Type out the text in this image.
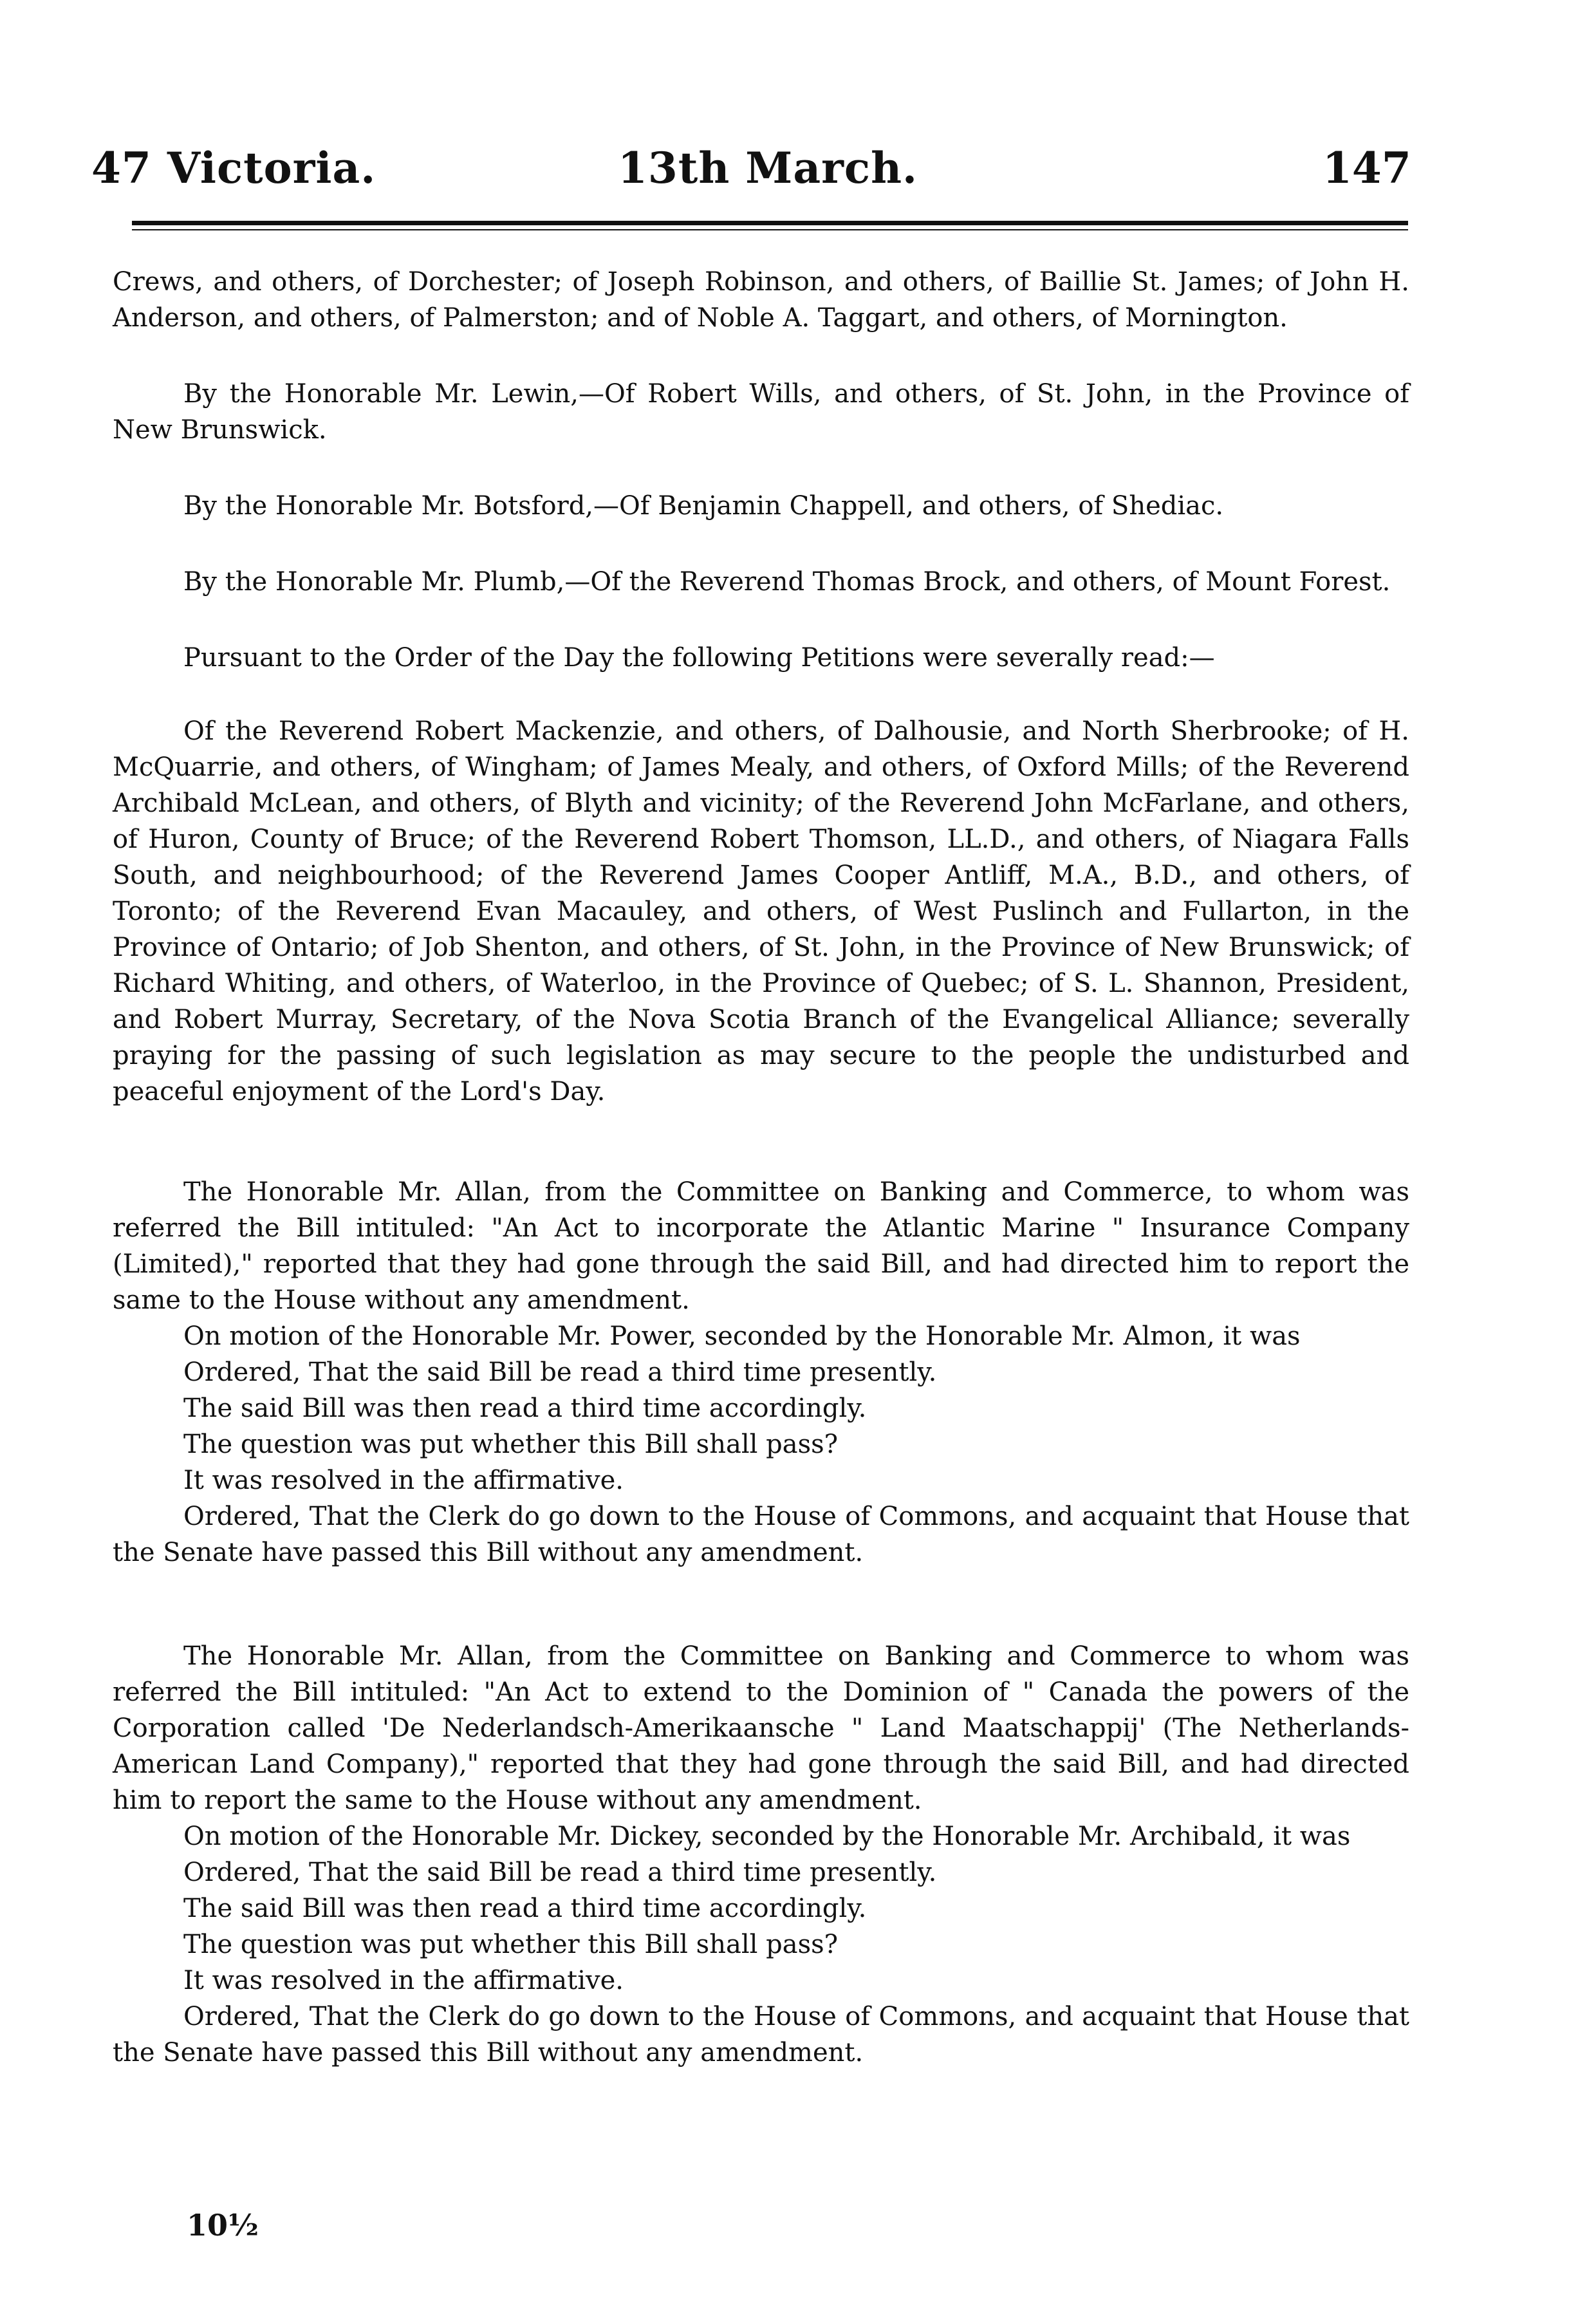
47 Victoria.	13th March.	147

Crews, and others, of Dorchester; of Joseph Robinson, and others, of Baillie St. James; of John H. Anderson, and others, of Palmerston; and of Noble A. Taggart, and others, of Mornington.

By the Honorable Mr. Lewin,—Of Robert Wills, and others, of St. John, in the Province of New Brunswick.

By the Honorable Mr. Botsford,—Of Benjamin Chappell, and others, of Shediac.

By the Honorable Mr. Plumb,—Of the Reverend Thomas Brock, and others, of Mount Forest.

Pursuant to the Order of the Day the following Petitions were severally read:—

Of the Reverend Robert Mackenzie, and others, of Dalhousie, and North Sherbrooke; of H. McQuarrie, and others, of Wingham; of James Mealy, and others, of Oxford Mills; of the Reverend Archibald McLean, and others, of Blyth and vicinity; of the Reverend John McFarlane, and others, of Huron, County of Bruce; of the Reverend Robert Thomson, LL.D., and others, of Niagara Falls South, and neighbourhood; of the Reverend James Cooper Antliff, M.A., B.D., and others, of Toronto; of the Reverend Evan Macauley, and others, of West Puslinch and Fullarton, in the Province of Ontario; of Job Shenton, and others, of St. John, in the Province of New Brunswick; of Richard Whiting, and others, of Waterloo, in the Province of Quebec; of S. L. Shannon, President, and Robert Murray, Secretary, of the Nova Scotia Branch of the Evangelical Alliance; severally praying for the passing of such legislation as may secure to the people the undisturbed and peaceful enjoyment of the Lord's Day.

The Honorable Mr. Allan, from the Committee on Banking and Commerce, to whom was referred the Bill intituled: "An Act to incorporate the Atlantic Marine " Insurance Company (Limited)," reported that they had gone through the said Bill, and had directed him to report the same to the House without any amendment.

On motion of the Honorable Mr. Power, seconded by the Honorable Mr. Almon, it was

Ordered, That the said Bill be read a third time presently.

The said Bill was then read a third time accordingly.

The question was put whether this Bill shall pass?

It was resolved in the affirmative.

Ordered, That the Clerk do go down to the House of Commons, and acquaint that House that the Senate have passed this Bill without any amendment.

The Honorable Mr. Allan, from the Committee on Banking and Commerce to whom was referred the Bill intituled: "An Act to extend to the Dominion of " Canada the powers of the Corporation called 'De Nederlandsch-Amerikaansche " Land Maatschappij' (The Netherlands-American Land Company)," reported that they had gone through the said Bill, and had directed him to report the same to the House without any amendment.

On motion of the Honorable Mr. Dickey, seconded by the Honorable Mr. Archibald, it was

Ordered, That the said Bill be read a third time presently.

The said Bill was then read a third time accordingly.

The question was put whether this Bill shall pass?

It was resolved in the affirmative.

Ordered, That the Clerk do go down to the House of Commons, and acquaint that House that the Senate have passed this Bill without any amendment.

10½
